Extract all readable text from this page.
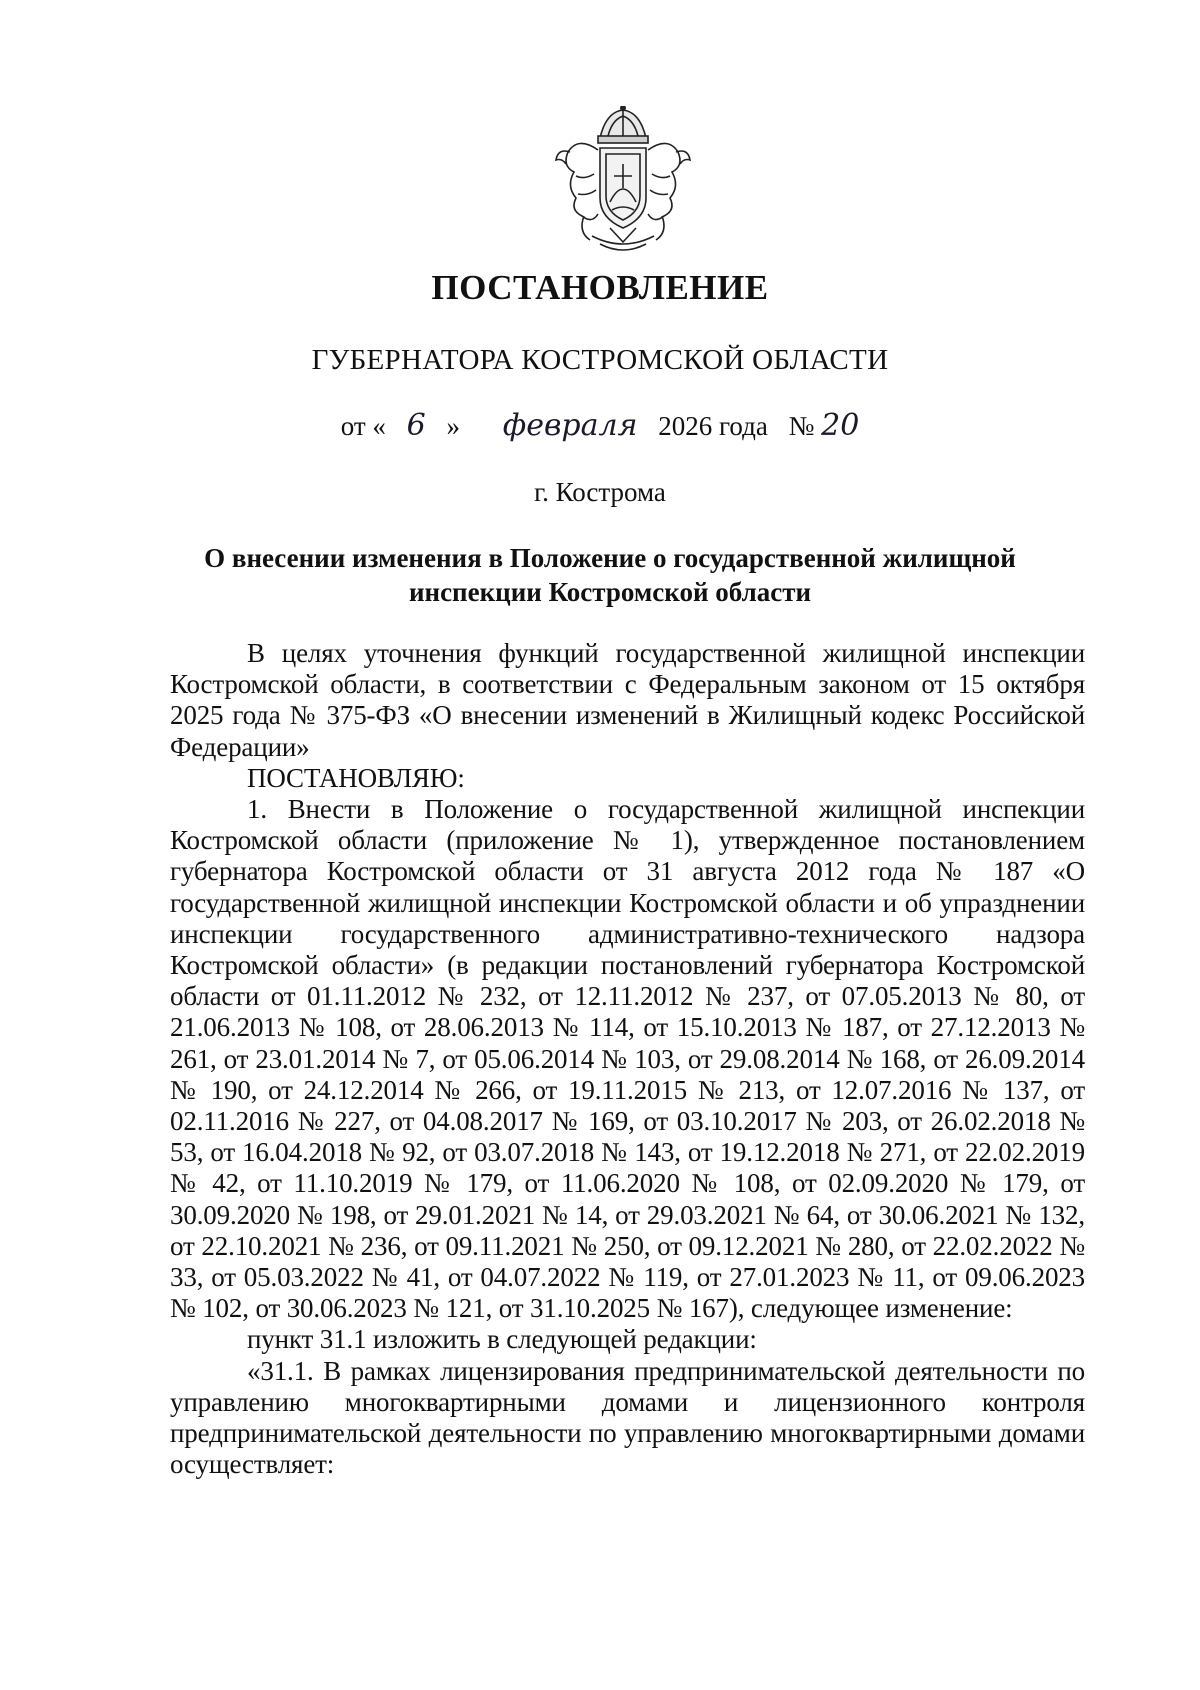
ПОСТАНОВЛЕНИЕ
ГУБЕРНАТОРА КОСТРОМСКОЙ ОБЛАСТИ
от « 6 » февраля 2026 года № 20
г. Кострома
О внесении изменения в Положение о государственной жилищной инспекции Костромской области

В целях уточнения функций государственной жилищной инспекции Костромской области, в соответствии с Федеральным законом от 15 октября 2025 года № 375-ФЗ «О внесении изменений в Жилищный кодекс Российской Федерации»

ПОСТАНОВЛЯЮ:

1. Внести в Положение о государственной жилищной инспекции Костромской области (приложение № 1), утвержденное постановлением губернатора Костромской области от 31 августа 2012 года № 187 «О государственной жилищной инспекции Костромской области и об упразднении инспекции государственного административно-технического надзора Костромской области» (в редакции постановлений губернатора Костромской области от 01.11.2012 № 232, от 12.11.2012 № 237, от 07.05.2013 № 80, от 21.06.2013 № 108, от 28.06.2013 № 114, от 15.10.2013 № 187, от 27.12.2013 № 261, от 23.01.2014 № 7, от 05.06.2014 № 103, от 29.08.2014 № 168, от 26.09.2014 № 190, от 24.12.2014 № 266, от 19.11.2015 № 213, от 12.07.2016 № 137, от 02.11.2016 № 227, от 04.08.2017 № 169, от 03.10.2017 № 203, от 26.02.2018 № 53, от 16.04.2018 № 92, от 03.07.2018 № 143, от 19.12.2018 № 271, от 22.02.2019 № 42, от 11.10.2019 № 179, от 11.06.2020 № 108, от 02.09.2020 № 179, от 30.09.2020 № 198, от 29.01.2021 № 14, от 29.03.2021 № 64, от 30.06.2021 № 132, от 22.10.2021 № 236, от 09.11.2021 № 250, от 09.12.2021 № 280, от 22.02.2022 № 33, от 05.03.2022 № 41, от 04.07.2022 № 119, от 27.01.2023 № 11, от 09.06.2023 № 102, от 30.06.2023 № 121, от 31.10.2025 № 167), следующее изменение:

пункт 31.1 изложить в следующей редакции:

«31.1. В рамках лицензирования предпринимательской деятельности по управлению многоквартирными домами и лицензионного контроля предпринимательской деятельности по управлению многоквартирными домами осуществляет:
